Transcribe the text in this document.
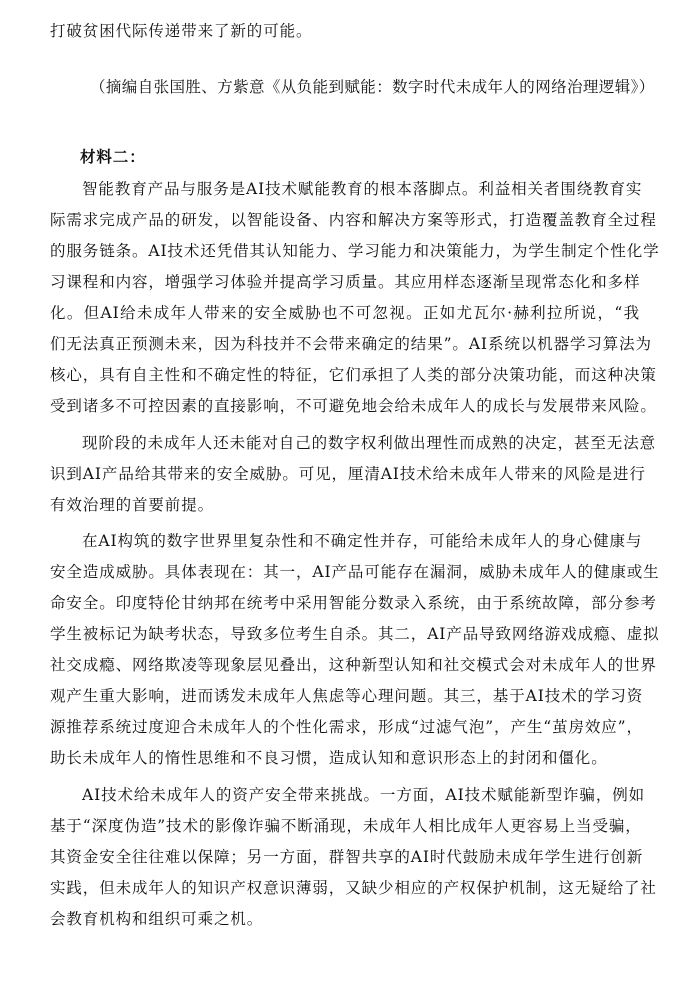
打破贫困代际传递带来了新的可能。
（摘编自张国胜、方紫意《从负能到赋能：数字时代未成年人的网络治理逻辑》）
材料二：
智能教育产品与服务是AI技术赋能教育的根本落脚点。利益相关者围绕教育实
际需求完成产品的研发，以智能设备、内容和解决方案等形式，打造覆盖教育全过程
的服务链条。AI技术还凭借其认知能力、学习能力和决策能力，为学生制定个性化学
习课程和内容，增强学习体验并提高学习质量。其应用样态逐渐呈现常态化和多样
化。但AI给未成年人带来的安全威胁也不可忽视。正如尤瓦尔·赫利拉所说，“我
们无法真正预测未来，因为科技并不会带来确定的结果”。AI系统以机器学习算法为
核心，具有自主性和不确定性的特征，它们承担了人类的部分决策功能，而这种决策
受到诸多不可控因素的直接影响，不可避免地会给未成年人的成长与发展带来风险。
现阶段的未成年人还未能对自己的数字权利做出理性而成熟的决定，甚至无法意
识到AI产品给其带来的安全威胁。可见，厘清AI技术给未成年人带来的风险是进行
有效治理的首要前提。
在AI构筑的数字世界里复杂性和不确定性并存，可能给未成年人的身心健康与
安全造成威胁。具体表现在：其一，AI产品可能存在漏洞，威胁未成年人的健康或生
命安全。印度特伦甘纳邦在统考中采用智能分数录入系统，由于系统故障，部分参考
学生被标记为缺考状态，导致多位考生自杀。其二，AI产品导致网络游戏成瘾、虚拟
社交成瘾、网络欺凌等现象层见叠出，这种新型认知和社交模式会对未成年人的世界
观产生重大影响，进而诱发未成年人焦虑等心理问题。其三，基于AI技术的学习资
源推荐系统过度迎合未成年人的个性化需求，形成“过滤气泡”，产生“茧房效应”，
助长未成年人的惰性思维和不良习惯，造成认知和意识形态上的封闭和僵化。
AI技术给未成年人的资产安全带来挑战。一方面，AI技术赋能新型诈骗，例如
基于“深度伪造”技术的影像诈骗不断涌现，未成年人相比成年人更容易上当受骗，
其资金安全往往难以保障；另一方面，群智共享的AI时代鼓励未成年学生进行创新
实践，但未成年人的知识产权意识薄弱，又缺少相应的产权保护机制，这无疑给了社
会教育机构和组织可乘之机。
